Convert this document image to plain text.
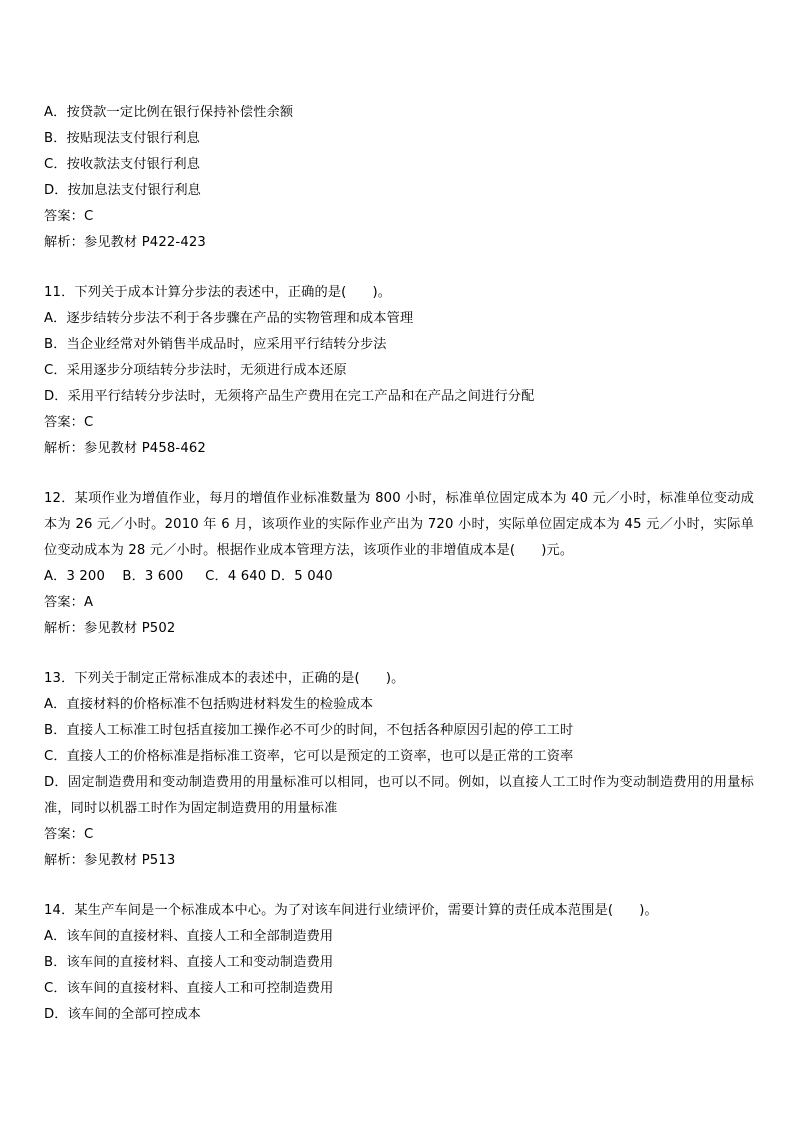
A．按贷款一定比例在银行保持补偿性余额
B．按贴现法支付银行利息
C．按收款法支付银行利息
D．按加息法支付银行利息
答案：C
解析：参见教材 P422-423
11．下列关于成本计算分步法的表述中，正确的是(      )。
A．逐步结转分步法不利于各步骤在产品的实物管理和成本管理
B．当企业经常对外销售半成品时，应采用平行结转分步法
C．采用逐步分项结转分步法时，无须进行成本还原
D．采用平行结转分步法时，无须将产品生产费用在完工产品和在产品之间进行分配
答案：C
解析：参见教材 P458-462
12．某项作业为增值作业，每月的增值作业标准数量为 800 小时，标准单位固定成本为 40 元／小时，标准单位变动成本为 26 元／小时。2010 年 6 月，该项作业的实际作业产出为 720 小时，实际单位固定成本为 45 元／小时，实际单位变动成本为 28 元／小时。根据作业成本管理方法，该项作业的非增值成本是(      )元。
A．3 200    B．3 600     C．4 640 D．5 040
答案：A
解析：参见教材 P502
13．下列关于制定正常标准成本的表述中，正确的是(      )。
A．直接材料的价格标准不包括购进材料发生的检验成本
B．直接人工标准工时包括直接加工操作必不可少的时间，不包括各种原因引起的停工工时
C．直接人工的价格标准是指标准工资率，它可以是预定的工资率，也可以是正常的工资率
D．固定制造费用和变动制造费用的用量标准可以相同，也可以不同。例如，以直接人工工时作为变动制造费用的用量标准，同时以机器工时作为固定制造费用的用量标准
答案：C
解析：参见教材 P513
14．某生产车间是一个标准成本中心。为了对该车间进行业绩评价，需要计算的责任成本范围是(      )。
A．该车间的直接材料、直接人工和全部制造费用
B．该车间的直接材料、直接人工和变动制造费用
C．该车间的直接材料、直接人工和可控制造费用
D．该车间的全部可控成本
